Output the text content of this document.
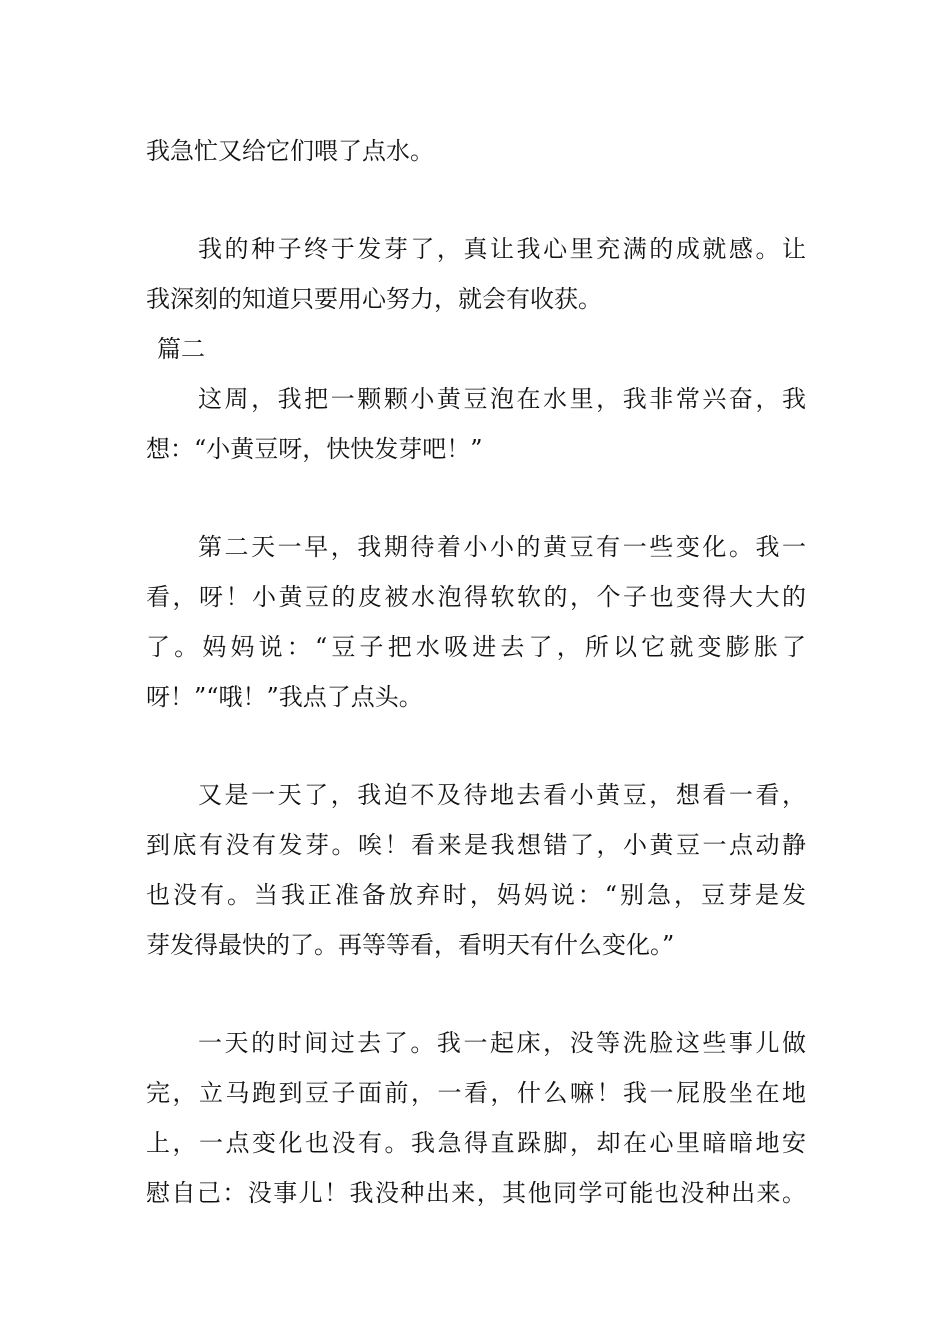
我急忙又给它们喂了点水。
我的种子终于发芽了，真让我心里充满的成就感。让
我深刻的知道只要用心努力，就会有收获。
篇二
这周，我把一颗颗小黄豆泡在水里，我非常兴奋，我
想：“小黄豆呀，快快发芽吧！”
第二天一早，我期待着小小的黄豆有一些变化。我一
看，呀！小黄豆的皮被水泡得软软的，个子也变得大大的
了。妈妈说：“豆子把水吸进去了，所以它就变膨胀了
呀！”“哦！”我点了点头。
又是一天了，我迫不及待地去看小黄豆，想看一看，
到底有没有发芽。唉！看来是我想错了，小黄豆一点动静
也没有。当我正准备放弃时，妈妈说：“别急，豆芽是发
芽发得最快的了。再等等看，看明天有什么变化。”
一天的时间过去了。我一起床，没等洗脸这些事儿做
完，立马跑到豆子面前，一看，什么嘛！我一屁股坐在地
上，一点变化也没有。我急得直跺脚，却在心里暗暗地安
慰自己：没事儿！我没种出来，其他同学可能也没种出来。
